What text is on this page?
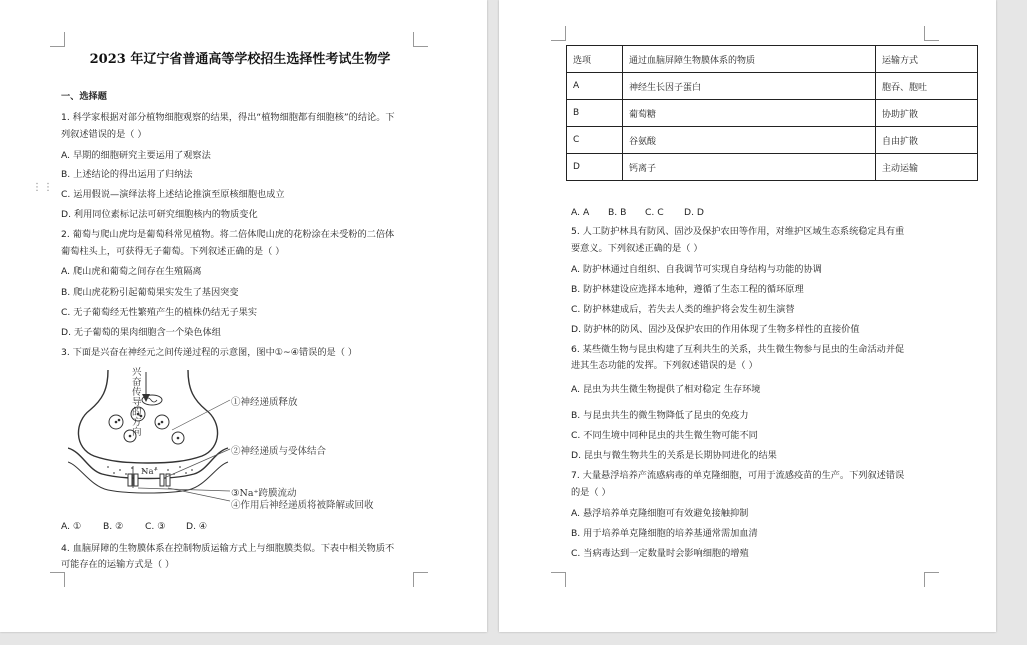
2023 年辽宁省普通高等学校招生选择性考试生物学
一、选择题
1. 科学家根据对部分植物细胞观察的结果，得出“植物细胞都有细胞核”的结论。下
列叙述错误的是（ ）
A. 早期的细胞研究主要运用了观察法
B. 上述结论的得出运用了归纳法
C. 运用假说—演绎法将上述结论推演至原核细胞也成立
D. 利用同位素标记法可研究细胞核内的物质变化
⋮⋮
2. 葡萄与爬山虎均是葡萄科常见植物。将二倍体爬山虎的花粉涂在未受粉的二倍体
葡萄柱头上，可获得无子葡萄。下列叙述正确的是（ ）
A. 爬山虎和葡萄之间存在生殖隔离
B. 爬山虎花粉引起葡萄果实发生了基因突变
C. 无子葡萄经无性繁殖产生的植株仍结无子果实
D. 无子葡萄的果肉细胞含一个染色体组
3. 下面是兴奋在神经元之间传递过程的示意图，图中①~④错误的是（ ）
兴奋传导的方向
Na⁺
①神经递质释放
②神经递质与受体结合
③Na⁺跨膜流动
④作用后神经递质将被降解或回收
A. ① B. ② C. ③ D. ④
4. 血脑屏障的生物膜体系在控制物质运输方式上与细胞膜类似。下表中相关物质不
可能存在的运输方式是（ ）
选项	通过血脑屏障生物膜体系的物质	运输方式
A	神经生长因子蛋白	胞吞、胞吐
B	葡萄糖	协助扩散
C	谷氨酸	自由扩散
D	钙离子	主动运输
A. A B. B C. C D. D
5. 人工防护林具有防风、固沙及保护农田等作用，对维护区域生态系统稳定具有重
要意义。下列叙述正确的是（ ）
A. 防护林通过自组织、自我调节可实现自身结构与功能的协调
B. 防护林建设应选择本地种，遵循了生态工程的循环原理
C. 防护林建成后，若失去人类的维护将会发生初生演替
D. 防护林的防风、固沙及保护农田的作用体现了生物多样性的直接价值
6. 某些微生物与昆虫构建了互利共生的关系，共生微生物参与昆虫的生命活动并促
进其生态功能的发挥。下列叙述错误的是（ ）
A. 昆虫为共生微生物提供了相对稳定 生存环境
B. 与昆虫共生的微生物降低了昆虫的免疫力
C. 不同生境中同种昆虫的共生微生物可能不同
D. 昆虫与微生物共生的关系是长期协同进化的结果
7. 大量悬浮培养产流感病毒的单克隆细胞，可用于流感疫苗的生产。下列叙述错误
的是（ ）
A. 悬浮培养单克隆细胞可有效避免接触抑制
B. 用于培养单克隆细胞的培养基通常需加血清
C. 当病毒达到一定数量时会影响细胞的增殖
